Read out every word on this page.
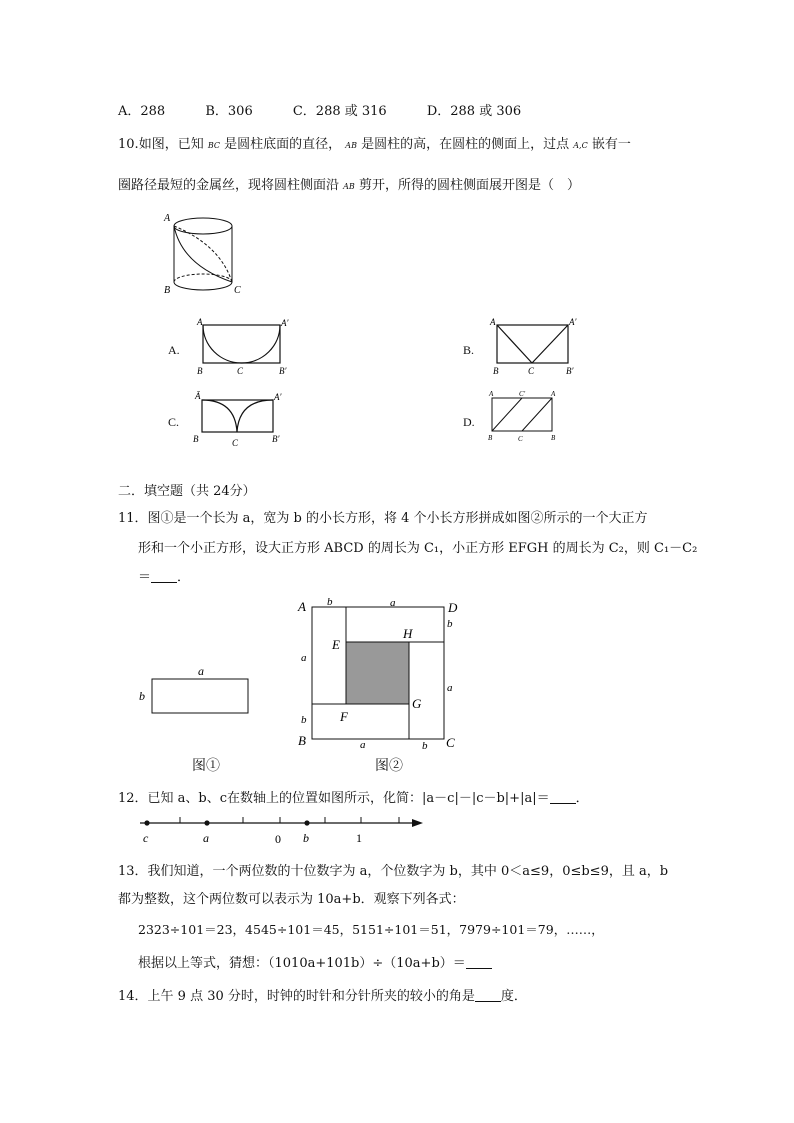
A．288	B．306	C．288 或 316	D．288 或 306
10.如图，已知 BC 是圆柱底面的直径， AB 是圆柱的高，在圆柱的侧面上，过点 A,C 嵌有一
圈路径最短的金属丝，现将圆柱侧面沿 AB 剪开，所得的圆柱侧面展开图是（　）
A
B	C
A.
A	A′
B	C	B′
B.
A	A′
B	C	B′
C.
Ā	A′
B	C	B′
D.
A	C′	A
B	C	B
二．填空题（共 24分）
11．图①是一个长为 a，宽为 b 的小长方形，将 4 个小长方形拼成如图②所示的一个大正方
形和一个小正方形，设大正方形 ABCD 的周长为 C₁，小正方形 EFGH 的周长为 C₂，则 C₁－C₂
＝ ．
a
b
图①
A	D
B	C
E
H
G
F
b	a
b
a
a
b
a	b
图②
12．已知 a、b、c在数轴上的位置如图所示，化简：|a－c|－|c－b|+|a|＝ ．
c	a	0 b	1
13．我们知道，一个两位数的十位数字为 a，个位数字为 b，其中 0＜a≤9，0≤b≤9，且 a，b
都为整数，这个两位数可以表示为 10a+b．观察下列各式：
2323÷101＝23，4545÷101＝45，5151÷101＝51，7979÷101＝79，……，
根据以上等式，猜想：（1010a+101b）÷（10a+b）＝
14．上午 9 点 30 分时，时钟的时针和分针所夹的较小的角是 度．
